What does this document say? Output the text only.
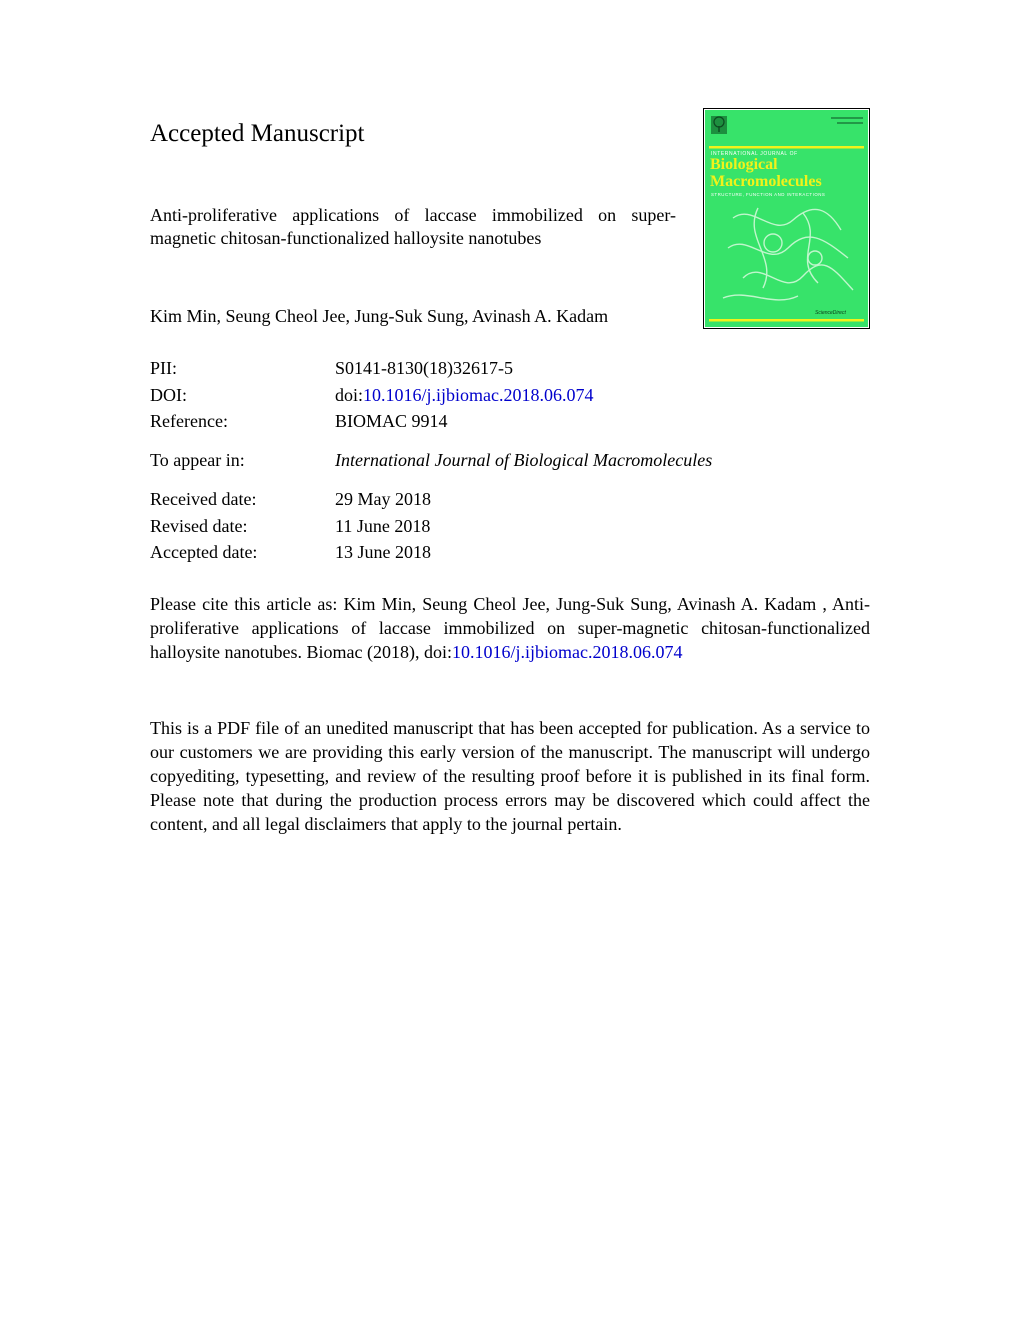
Accepted Manuscript
Anti-proliferative applications of laccase immobilized on super-magnetic chitosan-functionalized halloysite nanotubes
Kim Min, Seung Cheol Jee, Jung-Suk Sung, Avinash A. Kadam
PII:	S0141-8130(18)32617-5
DOI:	doi:10.1016/j.ijbiomac.2018.06.074
Reference:	BIOMAC 9914
To appear in:	International Journal of Biological Macromolecules
Received date:	29 May 2018
Revised date:	11 June 2018
Accepted date:	13 June 2018
Please cite this article as: Kim Min, Seung Cheol Jee, Jung-Suk Sung, Avinash A. Kadam , Anti-proliferative applications of laccase immobilized on super-magnetic chitosan-functionalized halloysite nanotubes. Biomac (2018), doi:10.1016/j.ijbiomac.2018.06.074
This is a PDF file of an unedited manuscript that has been accepted for publication. As a service to our customers we are providing this early version of the manuscript. The manuscript will undergo copyediting, typesetting, and review of the resulting proof before it is published in its final form. Please note that during the production process errors may be discovered which could affect the content, and all legal disclaimers that apply to the journal pertain.
INTERNATIONAL JOURNAL OF
Biological
Macromolecules
STRUCTURE, FUNCTION AND INTERACTIONS
ScienceDirect
